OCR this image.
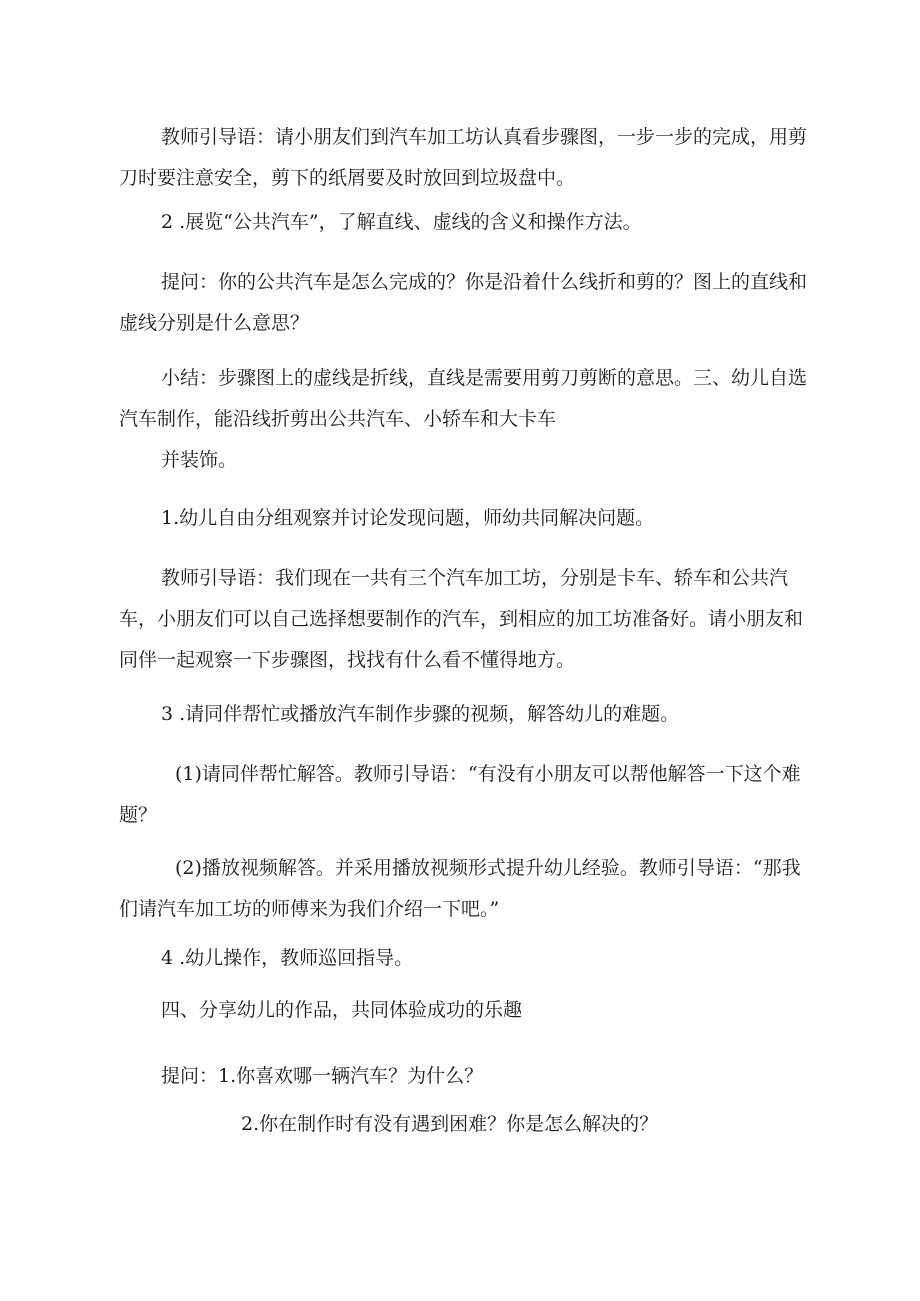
教师引导语：请小朋友们到汽车加工坊认真看步骤图，一步一步的完成，用剪刀时要注意安全，剪下的纸屑要及时放回到垃圾盘中。

2 .展览“公共汽车”，了解直线、虚线的含义和操作方法。

提问：你的公共汽车是怎么完成的？你是沿着什么线折和剪的？图上的直线和虚线分别是什么意思？

小结：步骤图上的虚线是折线，直线是需要用剪刀剪断的意思。三、幼儿自选汽车制作，能沿线折剪出公共汽车、小轿车和大卡车

并装饰。

1.幼儿自由分组观察并讨论发现问题，师幼共同解决问题。

教师引导语：我们现在一共有三个汽车加工坊，分别是卡车、轿车和公共汽车，小朋友们可以自己选择想要制作的汽车，到相应的加工坊准备好。请小朋友和同伴一起观察一下步骤图，找找有什么看不懂得地方。

3 .请同伴帮忙或播放汽车制作步骤的视频，解答幼儿的难题。

(1)请同伴帮忙解答。教师引导语：“有没有小朋友可以帮他解答一下这个难题？

(2)播放视频解答。并采用播放视频形式提升幼儿经验。教师引导语：“那我们请汽车加工坊的师傅来为我们介绍一下吧。”

4 .幼儿操作，教师巡回指导。

四、分享幼儿的作品，共同体验成功的乐趣

提问：1.你喜欢哪一辆汽车？为什么？

2.你在制作时有没有遇到困难？你是怎么解决的？
